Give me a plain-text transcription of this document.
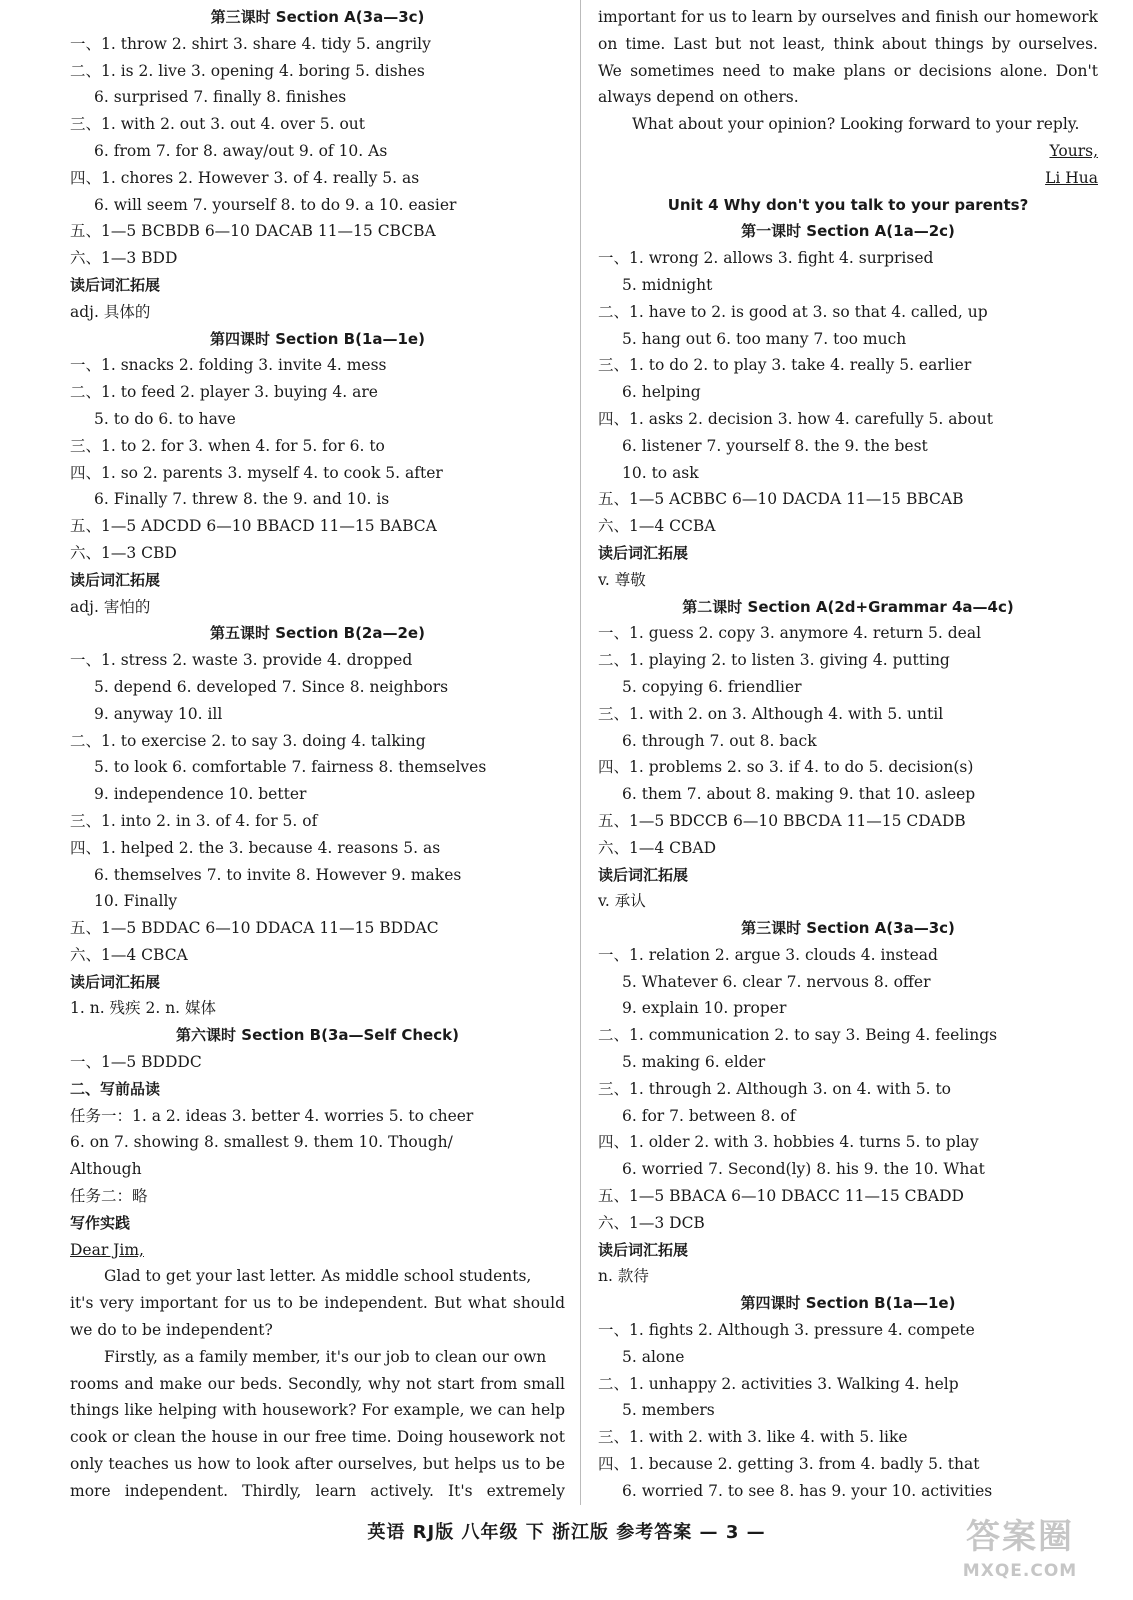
第三课时 Section A(3a—3c)
一、1. throw 2. shirt 3. share 4. tidy 5. angrily
二、1. is 2. live 3. opening 4. boring 5. dishes
6. surprised 7. finally 8. finishes
三、1. with 2. out 3. out 4. over 5. out
6. from 7. for 8. away/out 9. of 10. As
四、1. chores 2. However 3. of 4. really 5. as
6. will seem 7. yourself 8. to do 9. a 10. easier
五、1—5 BCBDB 6—10 DACAB 11—15 CBCBA
六、1—3 BDD
读后词汇拓展
adj. 具体的
第四课时 Section B(1a—1e)
一、1. snacks 2. folding 3. invite 4. mess
二、1. to feed 2. player 3. buying 4. are
5. to do 6. to have
三、1. to 2. for 3. when 4. for 5. for 6. to
四、1. so 2. parents 3. myself 4. to cook 5. after
6. Finally 7. threw 8. the 9. and 10. is
五、1—5 ADCDD 6—10 BBACD 11—15 BABCA
六、1—3 CBD
读后词汇拓展
adj. 害怕的
第五课时 Section B(2a—2e)
一、1. stress 2. waste 3. provide 4. dropped
5. depend 6. developed 7. Since 8. neighbors
9. anyway 10. ill
二、1. to exercise 2. to say 3. doing 4. talking
5. to look 6. comfortable 7. fairness 8. themselves
9. independence 10. better
三、1. into 2. in 3. of 4. for 5. of
四、1. helped 2. the 3. because 4. reasons 5. as
6. themselves 7. to invite 8. However 9. makes
10. Finally
五、1—5 BDDAC 6—10 DDACA 11—15 BDDAC
六、1—4 CBCA
读后词汇拓展
1. n. 残疾 2. n. 媒体
第六课时 Section B(3a—Self Check)
一、1—5 BDDDC
二、写前品读
任务一：1. a 2. ideas 3. better 4. worries 5. to cheer
6. on 7. showing 8. smallest 9. them 10. Though/
Although
任务二：略
写作实践
Dear Jim,
Glad to get your last letter. As middle school students,
it's very important for us to be independent. But what should
we do to be independent?
Firstly, as a family member, it's our job to clean our own
rooms and make our beds. Secondly, why not start from small
things like helping with housework? For example, we can help
cook or clean the house in our free time. Doing housework not
only teaches us how to look after ourselves, but helps us to be
more independent. Thirdly, learn actively. It's extremely
important for us to learn by ourselves and finish our homework
on time. Last but not least, think about things by ourselves.
We sometimes need to make plans or decisions alone. Don't
always depend on others.
What about your opinion? Looking forward to your reply.
Yours,
Li Hua
Unit 4 Why don't you talk to your parents?
第一课时 Section A(1a—2c)
一、1. wrong 2. allows 3. fight 4. surprised
5. midnight
二、1. have to 2. is good at 3. so that 4. called, up
5. hang out 6. too many 7. too much
三、1. to do 2. to play 3. take 4. really 5. earlier
6. helping
四、1. asks 2. decision 3. how 4. carefully 5. about
6. listener 7. yourself 8. the 9. the best
10. to ask
五、1—5 ACBBC 6—10 DACDA 11—15 BBCAB
六、1—4 CCBA
读后词汇拓展
v. 尊敬
第二课时 Section A(2d+Grammar 4a—4c)
一、1. guess 2. copy 3. anymore 4. return 5. deal
二、1. playing 2. to listen 3. giving 4. putting
5. copying 6. friendlier
三、1. with 2. on 3. Although 4. with 5. until
6. through 7. out 8. back
四、1. problems 2. so 3. if 4. to do 5. decision(s)
6. them 7. about 8. making 9. that 10. asleep
五、1—5 BDCCB 6—10 BBCDA 11—15 CDADB
六、1—4 CBAD
读后词汇拓展
v. 承认
第三课时 Section A(3a—3c)
一、1. relation 2. argue 3. clouds 4. instead
5. Whatever 6. clear 7. nervous 8. offer
9. explain 10. proper
二、1. communication 2. to say 3. Being 4. feelings
5. making 6. elder
三、1. through 2. Although 3. on 4. with 5. to
6. for 7. between 8. of
四、1. older 2. with 3. hobbies 4. turns 5. to play
6. worried 7. Second(ly) 8. his 9. the 10. What
五、1—5 BBACA 6—10 DBACC 11—15 CBADD
六、1—3 DCB
读后词汇拓展
n. 款待
第四课时 Section B(1a—1e)
一、1. fights 2. Although 3. pressure 4. compete
5. alone
二、1. unhappy 2. activities 3. Walking 4. help
5. members
三、1. with 2. with 3. like 4. with 5. like
四、1. because 2. getting 3. from 4. badly 5. that
6. worried 7. to see 8. has 9. your 10. activities
英语 RJ版 八年级 下 浙江版 参考答案 — 3 —	答案圈
MXQE.COM
